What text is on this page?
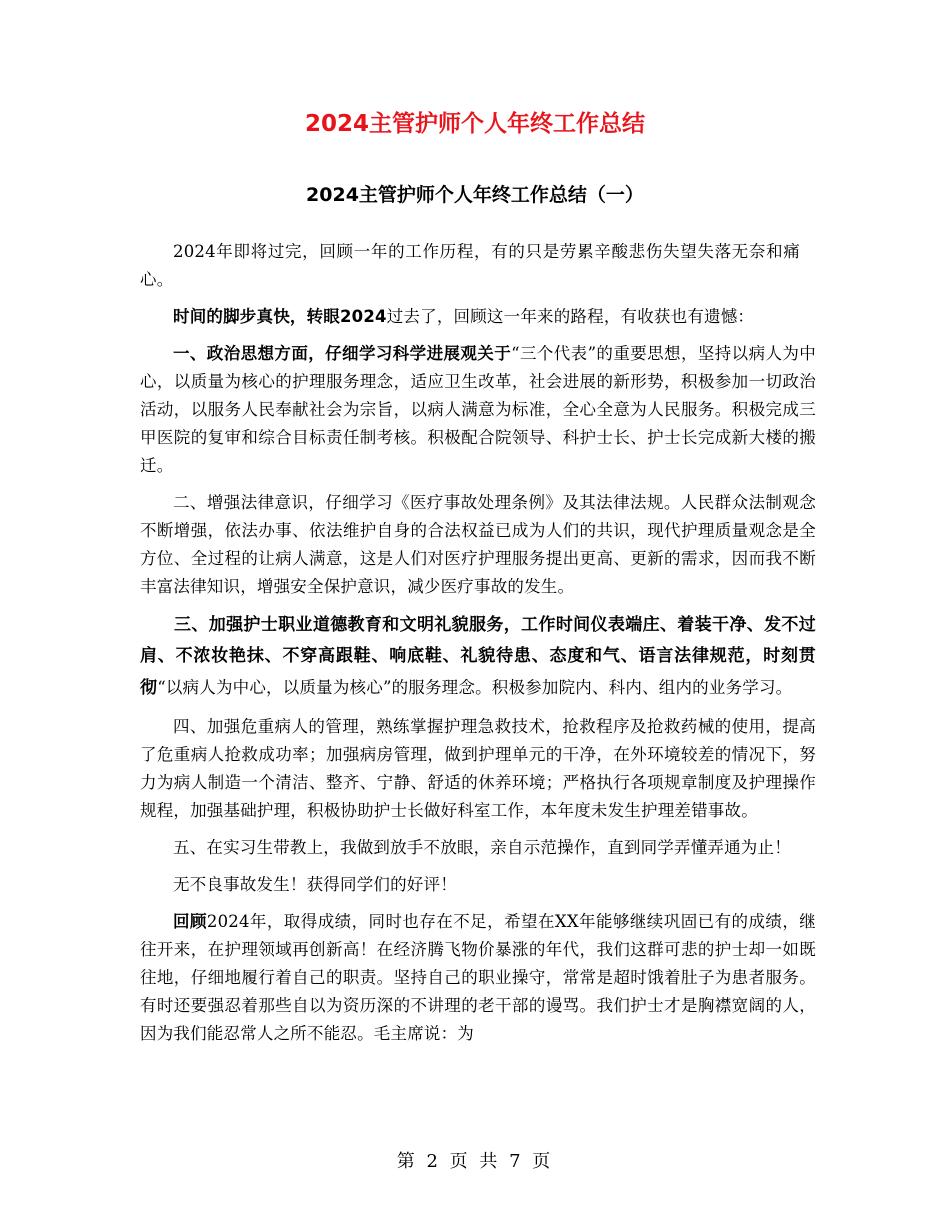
2024主管护师个人年终工作总结
2024主管护师个人年终工作总结（一）

2024年即将过完，回顾一年的工作历程，有的只是劳累辛酸悲伤失望失落无奈和痛心。

时间的脚步真快，转眼2024过去了，回顾这一年来的路程，有收获也有遗憾：

一、政治思想方面，仔细学习科学进展观关于“三个代表”的重要思想，坚持以病人为中心，以质量为核心的护理服务理念，适应卫生改革，社会进展的新形势，积极参加一切政治活动，以服务人民奉献社会为宗旨，以病人满意为标准，全心全意为人民服务。积极完成三甲医院的复审和综合目标责任制考核。积极配合院领导、科护士长、护士长完成新大楼的搬迁。

二、增强法律意识，仔细学习《医疗事故处理条例》及其法律法规。人民群众法制观念不断增强，依法办事、依法维护自身的合法权益已成为人们的共识，现代护理质量观念是全方位、全过程的让病人满意，这是人们对医疗护理服务提出更高、更新的需求，因而我不断丰富法律知识，增强安全保护意识，减少医疗事故的发生。

三、加强护士职业道德教育和文明礼貌服务，工作时间仪表端庄、着装干净、发不过肩、不浓妆艳抹、不穿高跟鞋、响底鞋、礼貌待患、态度和气、语言法律规范，时刻贯彻“以病人为中心，以质量为核心”的服务理念。积极参加院内、科内、组内的业务学习。

四、加强危重病人的管理，熟练掌握护理急救技术，抢救程序及抢救药械的使用，提高了危重病人抢救成功率；加强病房管理，做到护理单元的干净，在外环境较差的情况下，努力为病人制造一个清洁、整齐、宁静、舒适的休养环境；严格执行各项规章制度及护理操作规程，加强基础护理，积极协助护士长做好科室工作，本年度未发生护理差错事故。

五、在实习生带教上，我做到放手不放眼，亲自示范操作，直到同学弄懂弄通为止！

无不良事故发生！获得同学们的好评！

回顾2024年，取得成绩，同时也存在不足，希望在XX年能够继续巩固已有的成绩，继往开来，在护理领域再创新高！在经济腾飞物价暴涨的年代，我们这群可悲的护士却一如既往地，仔细地履行着自己的职责。坚持自己的职业操守，常常是超时饿着肚子为患者服务。有时还要强忍着那些自以为资历深的不讲理的老干部的谩骂。我们护士才是胸襟宽阔的人，因为我们能忍常人之所不能忍。毛主席说：为

第 2 页 共 7 页
